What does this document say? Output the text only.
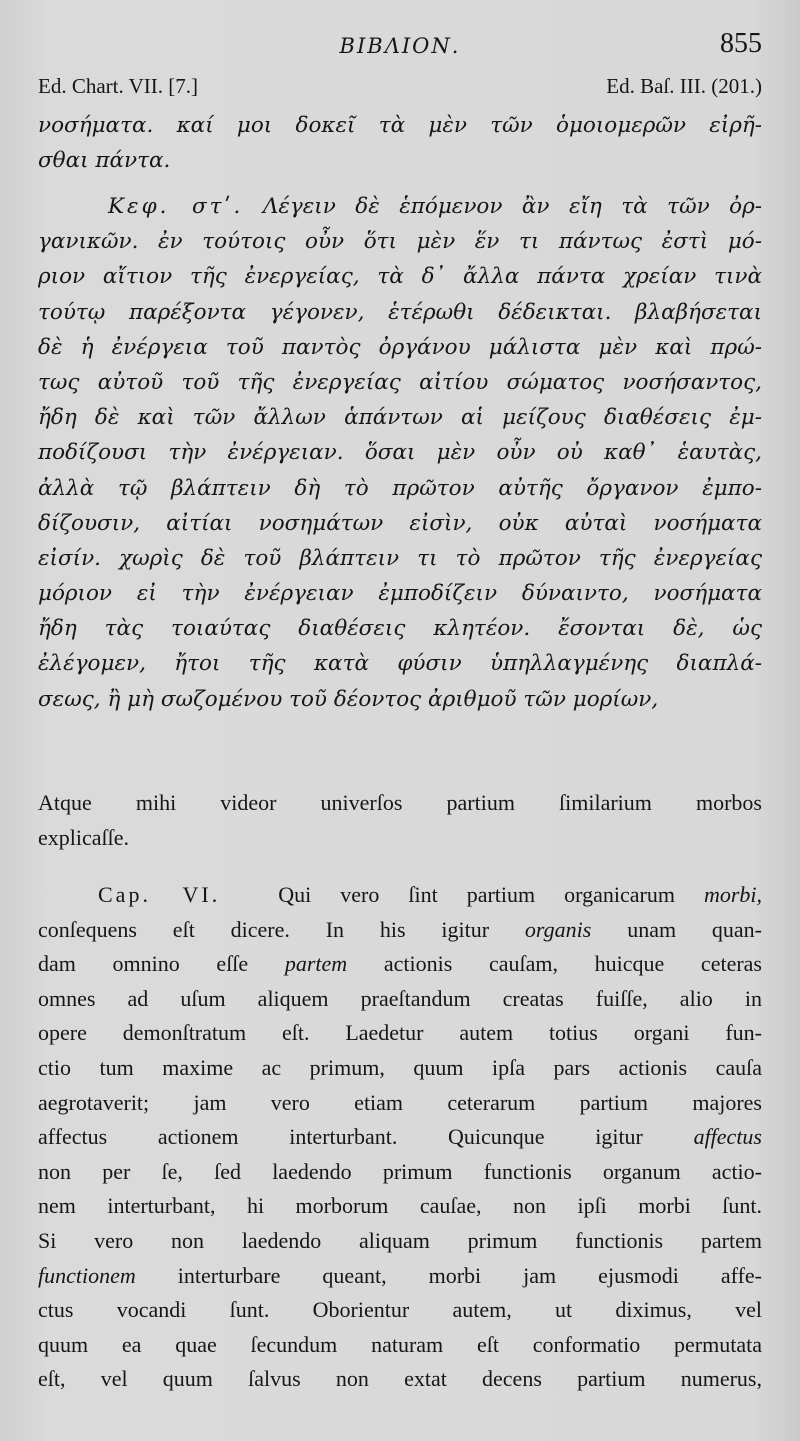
ΒΙΒΛΙΟΝ.	855
Ed. Chart. VII. [7.]	Ed. Baſ. III. (201.)
νοσήματα. καί μοι δοκεῖ τὰ μὲν τῶν ὁμοιομερῶν εἰρῆ-
σθαι πάντα.
Κεφ. στʹ. Λέγειν δὲ ἑπόμενον ἂν εἴη τὰ τῶν ὀρ-
γανικῶν. ἐν τούτοις οὖν ὅτι μὲν ἕν τι πάντως ἐστὶ μό-
ριον αἴτιον τῆς ἐνεργείας, τὰ δ᾽ ἄλλα πάντα χρείαν τινὰ
τούτῳ παρέξοντα γέγονεν, ἑτέρωθι δέδεικται. βλαβήσεται
δὲ ἡ ἐνέργεια τοῦ παντὸς ὀργάνου μάλιστα μὲν καὶ πρώ-
τως αὐτοῦ τοῦ τῆς ἐνεργείας αἰτίου σώματος νοσήσαντος,
ἤδη δὲ καὶ τῶν ἄλλων ἁπάντων αἱ μείζους διαθέσεις ἐμ-
ποδίζουσι τὴν ἐνέργειαν. ὅσαι μὲν οὖν οὐ καθ᾽ ἑαυτὰς,
ἀλλὰ τῷ βλάπτειν δὴ τὸ πρῶτον αὐτῆς ὄργανον ἐμπο-
δίζουσιν, αἰτίαι νοσημάτων εἰσὶν, οὐκ αὐταὶ νοσήματα
εἰσίν. χωρὶς δὲ τοῦ βλάπτειν τι τὸ πρῶτον τῆς ἐνεργείας
μόριον εἰ τὴν ἐνέργειαν ἐμποδίζειν δύναιντο, νοσήματα
ἤδη τὰς τοιαύτας διαθέσεις κλητέον. ἔσονται δὲ, ὡς
ἐλέγομεν, ἤτοι τῆς κατὰ φύσιν ὑπηλλαγμένης διαπλά-
σεως, ἢ μὴ σωζομένου τοῦ δέοντος ἀριθμοῦ τῶν μορίων,
Atque mihi videor univerſos partium ſimilarium morbos
explicaſſe.
Cap. VI.	Qui vero ſint partium organicarum morbi,
conſequens eſt dicere. In his igitur organis unam quan-
dam omnino eſſe partem actionis cauſam, huicque ceteras
omnes ad uſum aliquem praeſtandum creatas fuiſſe, alio in
opere demonſtratum eſt. Laedetur autem totius organi fun-
ctio tum maxime ac primum, quum ipſa pars actionis cauſa
aegrotaverit; jam vero etiam ceterarum partium majores
affectus actionem interturbant. Quicunque igitur affectus
non per ſe, ſed laedendo primum functionis organum actio-
nem interturbant, hi morborum cauſae, non ipſi morbi ſunt.
Si vero non laedendo aliquam primum functionis partem
functionem interturbare queant, morbi jam ejusmodi affe-
ctus vocandi ſunt. Oborientur autem, ut diximus, vel
quum ea quae ſecundum naturam eſt conformatio permutata
eſt, vel quum ſalvus non extat decens partium numerus,
